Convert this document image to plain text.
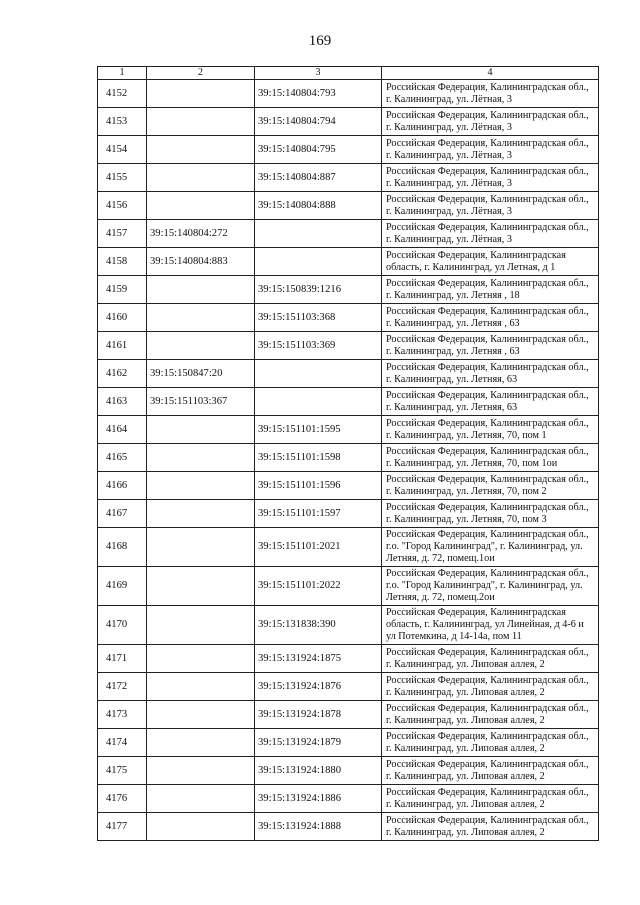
169
1	2	3	4
4152		39:15:140804:793	Российская Федерация, Калининградская обл.,
г. Калининград, ул. Лётная, 3
4153		39:15:140804:794	Российская Федерация, Калининградская обл.,
г. Калининград, ул. Лётная, 3
4154		39:15:140804:795	Российская Федерация, Калининградская обл.,
г. Калининград, ул. Лётная, 3
4155		39:15:140804:887	Российская Федерация, Калининградская обл.,
г. Калининград, ул. Лётная, 3
4156		39:15:140804:888	Российская Федерация, Калининградская обл.,
г. Калининград, ул. Лётная, 3
4157	39:15:140804:272		Российская Федерация, Калининградская обл.,
г. Калининград, ул. Лётная, 3
4158	39:15:140804:883		Российская Федерация, Калининградская
область, г. Калининград, ул Летная, д 1
4159		39:15:150839:1216	Российская Федерация, Калининградская обл.,
г. Калининград, ул. Летняя , 18
4160		39:15:151103:368	Российская Федерация, Калининградская обл.,
г. Калининград, ул. Летняя , 63
4161		39:15:151103:369	Российская Федерация, Калининградская обл.,
г. Калининград, ул. Летняя , 63
4162	39:15:150847:20		Российская Федерация, Калининградская обл.,
г. Калининград, ул. Летняя, 63
4163	39:15:151103:367		Российская Федерация, Калининградская обл.,
г. Калининград, ул. Летняя, 63
4164		39:15:151101:1595	Российская Федерация, Калининградская обл.,
г. Калининград, ул. Летняя, 70, пом 1
4165		39:15:151101:1598	Российская Федерация, Калининградская обл.,
г. Калининград, ул. Летняя, 70, пом 1ои
4166		39:15:151101:1596	Российская Федерация, Калининградская обл.,
г. Калининград, ул. Летняя, 70, пом 2
4167		39:15:151101:1597	Российская Федерация, Калининградская обл.,
г. Калининград, ул. Летняя, 70, пом 3
4168		39:15:151101:2021	Российская Федерация, Калининградская обл.,
г.о. "Город Калининград", г. Калининград, ул.
Летняя, д. 72, помещ.1ои
4169		39:15:151101:2022	Российская Федерация, Калининградская обл.,
г.о. "Город Калининград", г. Калининград, ул.
Летняя, д. 72, помещ.2ои
4170		39:15:131838:390	Российская Федерация, Калининградская
область, г. Калининград, ул Линейная, д 4-6 и
ул Потемкина, д 14-14а, пом 11
4171		39:15:131924:1875	Российская Федерация, Калининградская обл.,
г. Калининград, ул. Липовая аллея, 2
4172		39:15:131924:1876	Российская Федерация, Калининградская обл.,
г. Калининград, ул. Липовая аллея, 2
4173		39:15:131924:1878	Российская Федерация, Калининградская обл.,
г. Калининград, ул. Липовая аллея, 2
4174		39:15:131924:1879	Российская Федерация, Калининградская обл.,
г. Калининград, ул. Липовая аллея, 2
4175		39:15:131924:1880	Российская Федерация, Калининградская обл.,
г. Калининград, ул. Липовая аллея, 2
4176		39:15:131924:1886	Российская Федерация, Калининградская обл.,
г. Калининград, ул. Липовая аллея, 2
4177		39:15:131924:1888	Российская Федерация, Калининградская обл.,
г. Калининград, ул. Липовая аллея, 2
